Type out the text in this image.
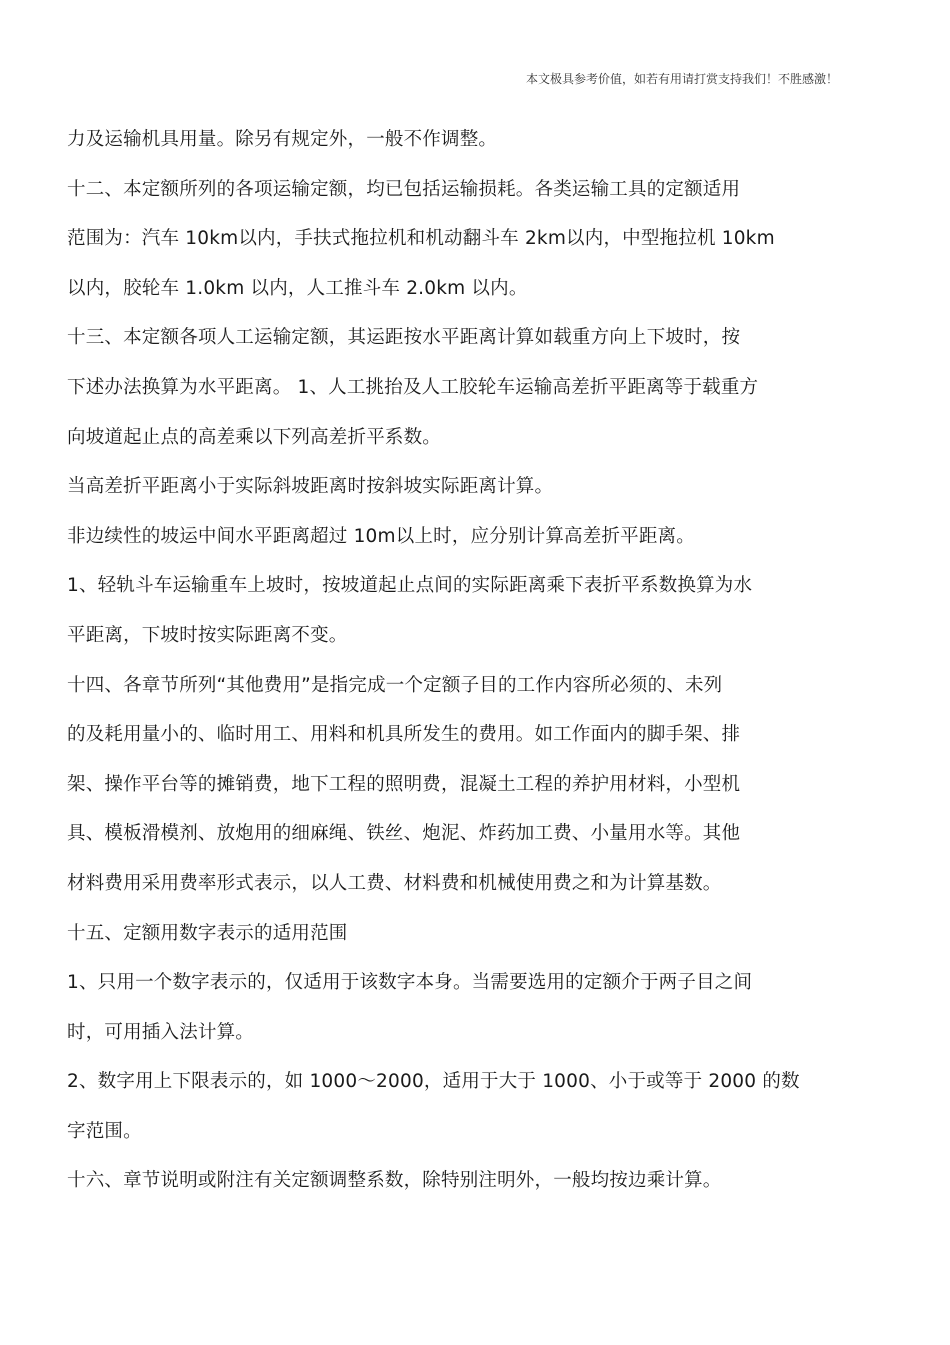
本文极具参考价值，如若有用请打赏支持我们！不胜感激！
力及运输机具用量。除另有规定外，一般不作调整。
十二、本定额所列的各项运输定额，均已包括运输损耗。各类运输工具的定额适用
范围为：汽车 10km以内，手扶式拖拉机和机动翻斗车 2km以内，中型拖拉机 10km
以内，胶轮车 1.0km 以内，人工推斗车 2.0km 以内。
十三、本定额各项人工运输定额，其运距按水平距离计算如载重方向上下坡时，按
下述办法换算为水平距离。 1、人工挑抬及人工胶轮车运输高差折平距离等于载重方
向坡道起止点的高差乘以下列高差折平系数。
当高差折平距离小于实际斜坡距离时按斜坡实际距离计算。
非边续性的坡运中间水平距离超过 10m以上时，应分别计算高差折平距离。
1、轻轨斗车运输重车上坡时，按坡道起止点间的实际距离乘下表折平系数换算为水
平距离，下坡时按实际距离不变。
十四、各章节所列“其他费用”是指完成一个定额子目的工作内容所必须的、未列
的及耗用量小的、临时用工、用料和机具所发生的费用。如工作面内的脚手架、排
架、操作平台等的摊销费，地下工程的照明费，混凝土工程的养护用材料，小型机
具、模板滑模剂、放炮用的细麻绳、铁丝、炮泥、炸药加工费、小量用水等。其他
材料费用采用费率形式表示，以人工费、材料费和机械使用费之和为计算基数。
十五、定额用数字表示的适用范围
1、只用一个数字表示的，仅适用于该数字本身。当需要选用的定额介于两子目之间
时，可用插入法计算。
2、数字用上下限表示的，如 1000～2000，适用于大于 1000、小于或等于 2000 的数
字范围。
十六、章节说明或附注有关定额调整系数，除特别注明外，一般均按边乘计算。
